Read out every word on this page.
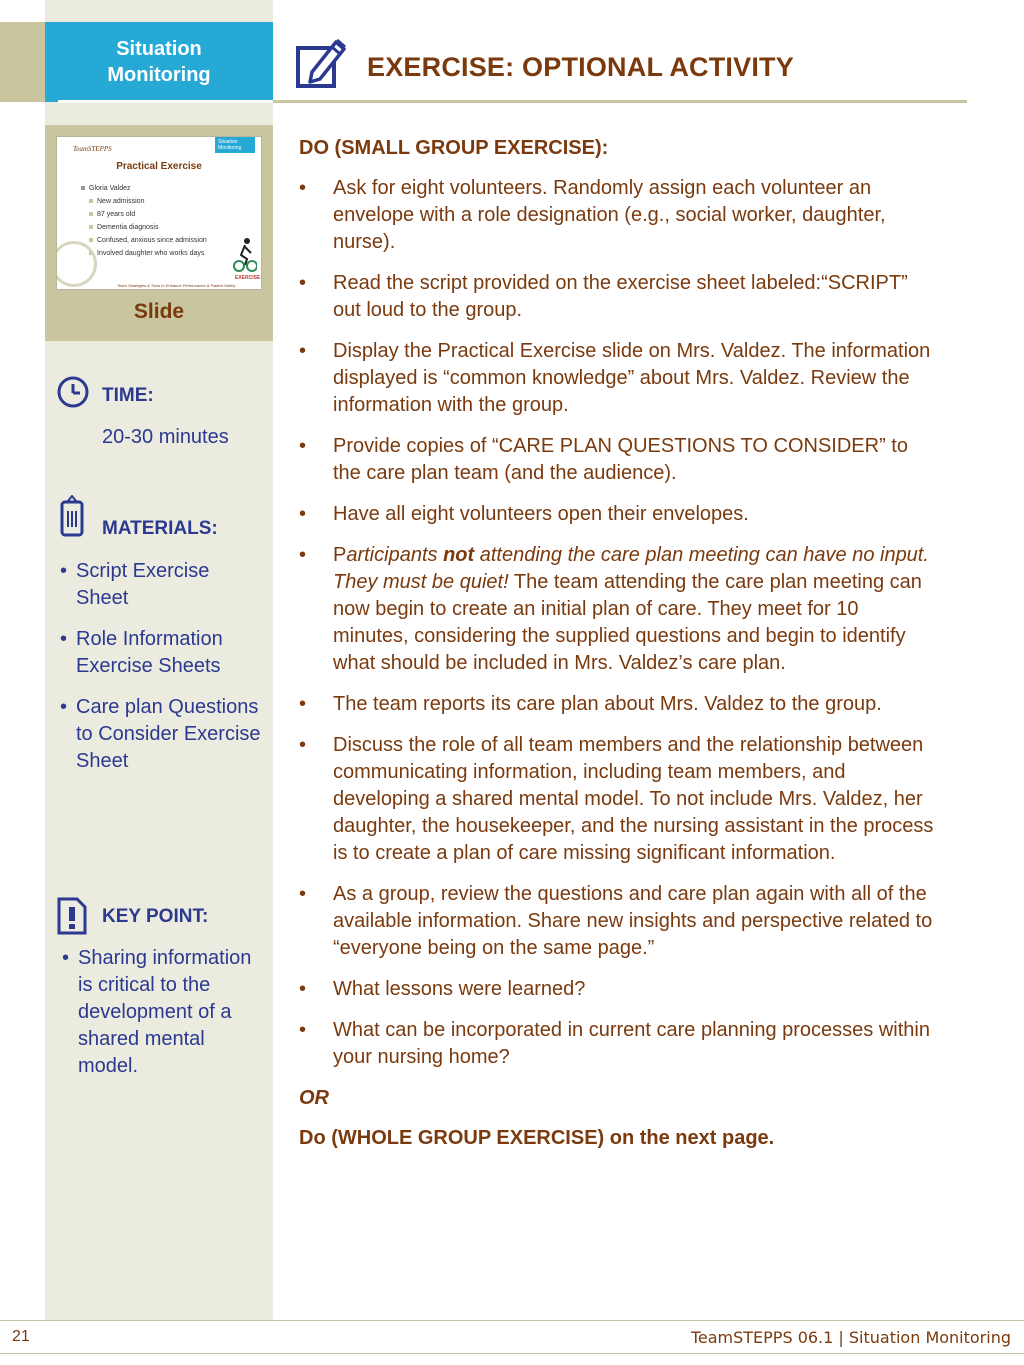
Situation
Monitoring	EXERCISE: OPTIONAL ACTIVITY
Situation Monitoring
TeamSTEPPS
Practical Exercise
Gloria Valdez
New admission
87 years old
Dementia diagnosis
Confused, anxious since admission
Involved daughter who works days
EXERCISE
Team Strategies & Tools to Enhance Performance & Patient Safety

Slide

TIME:

20-30 minutes

MATERIALS:

• Script Exercise Sheet
• Role Information Exercise Sheets
• Care plan Questions to Consider Exercise Sheet

KEY POINT:

• Sharing information is critical to the development of a shared mental model.

DO (SMALL GROUP EXERCISE):

• Ask for eight volunteers. Randomly assign each volunteer an envelope with a role designation (e.g., social worker, daughter, nurse).
• Read the script provided on the exercise sheet labeled:“SCRIPT” out loud to the group.
• Display the Practical Exercise slide on Mrs. Valdez. The information displayed is “common knowledge” about Mrs. Valdez. Review the information with the group.
• Provide copies of “CARE PLAN QUESTIONS TO CONSIDER” to the care plan team (and the audience).
• Have all eight volunteers open their envelopes.
• Participants not attending the care plan meeting can have no input. They must be quiet! The team attending the care plan meeting can now begin to create an initial plan of care. They meet for 10 minutes, considering the supplied questions and begin to identify what should be included in Mrs. Valdez’s care plan.
• The team reports its care plan about Mrs. Valdez to the group.
• Discuss the role of all team members and the relationship between communicating information, including team members, and developing a shared mental model. To not include Mrs. Valdez, her daughter, the housekeeper, and the nursing assistant in the process is to create a plan of care missing significant information.
• As a group, review the questions and care plan again with all of the available information. Share new insights and perspective related to “everyone being on the same page.”
• What lessons were learned?
• What can be incorporated in current care planning processes within your nursing home?

OR

Do (WHOLE GROUP EXERCISE) on the next page.

21	TeamSTEPPS 06.1 | Situation Monitoring
